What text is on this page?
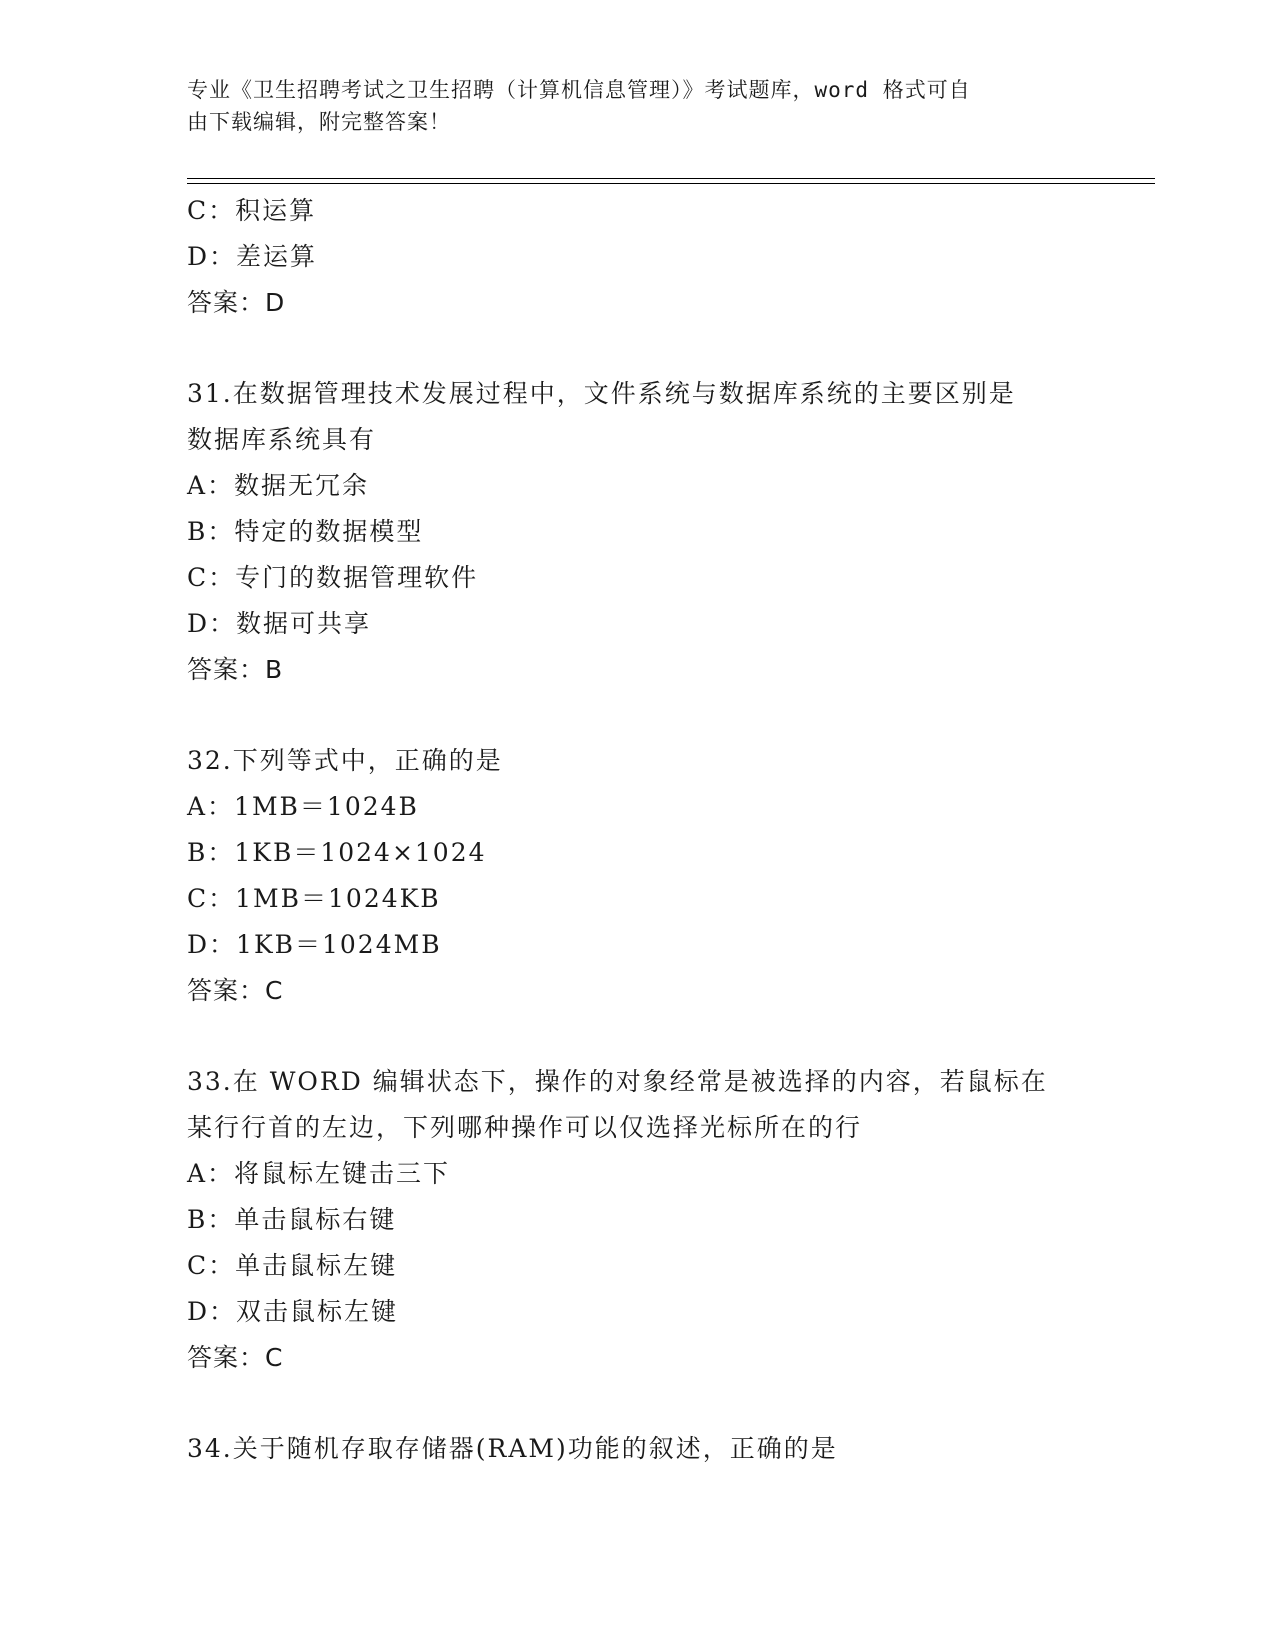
专业《卫生招聘考试之卫生招聘（计算机信息管理）》考试题库，word 格式可自
由下载编辑，附完整答案！
C：积运算
D：差运算
答案：D
31.在数据管理技术发展过程中，文件系统与数据库系统的主要区别是
数据库系统具有
A：数据无冗余
B：特定的数据模型
C：专门的数据管理软件
D：数据可共享
答案：B
32.下列等式中，正确的是
A：1MB＝1024B
B：1KB＝1024×1024
C：1MB＝1024KB
D：1KB＝1024MB
答案：C
33.在 WORD 编辑状态下，操作的对象经常是被选择的内容，若鼠标在
某行行首的左边，下列哪种操作可以仅选择光标所在的行
A：将鼠标左键击三下
B：单击鼠标右键
C：单击鼠标左键
D：双击鼠标左键
答案：C
34.关于随机存取存储器(RAM)功能的叙述，正确的是
